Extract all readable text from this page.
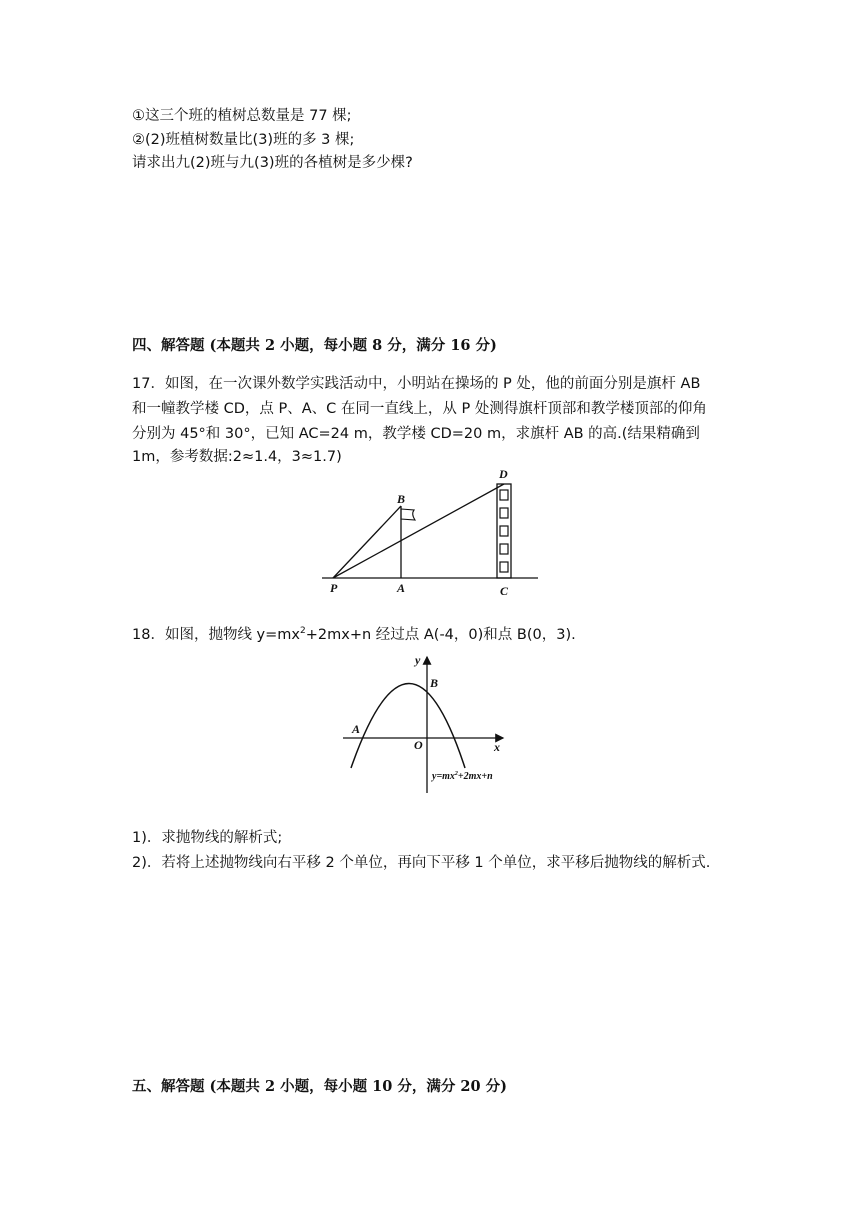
①这三个班的植树总数量是 77 棵;
②(2)班植树数量比(3)班的多 3 棵;
请求出九(2)班与九(3)班的各植树是多少棵?
四、解答题 (本题共 2 小题，每小题 8 分，满分 16 分)
17．如图，在一次课外数学实践活动中，小明站在操场的 P 处，他的前面分别是旗杆 AB
和一幢教学楼 CD，点 P、A、C 在同一直线上，从 P 处测得旗杆顶部和教学楼顶部的仰角
分别为 45°和 30°，已知 AC=24 m，教学楼 CD=20 m，求旗杆 AB 的高.(结果精确到
1m，参考数据:2≈1.4，3≈1.7)
D
B
P	A	C
18．如图，抛物线 $y=mx^2+2mx+n$ 经过点 A(-4，0)和点 B(0，3).
y
x
O
A
B
$y=mx^2+2mx+n$
1)．求抛物线的解析式;
2)．若将上述抛物线向右平移 2 个单位，再向下平移 1 个单位，求平移后抛物线的解析式.
五、解答题 (本题共 2 小题，每小题 10 分，满分 20 分)
